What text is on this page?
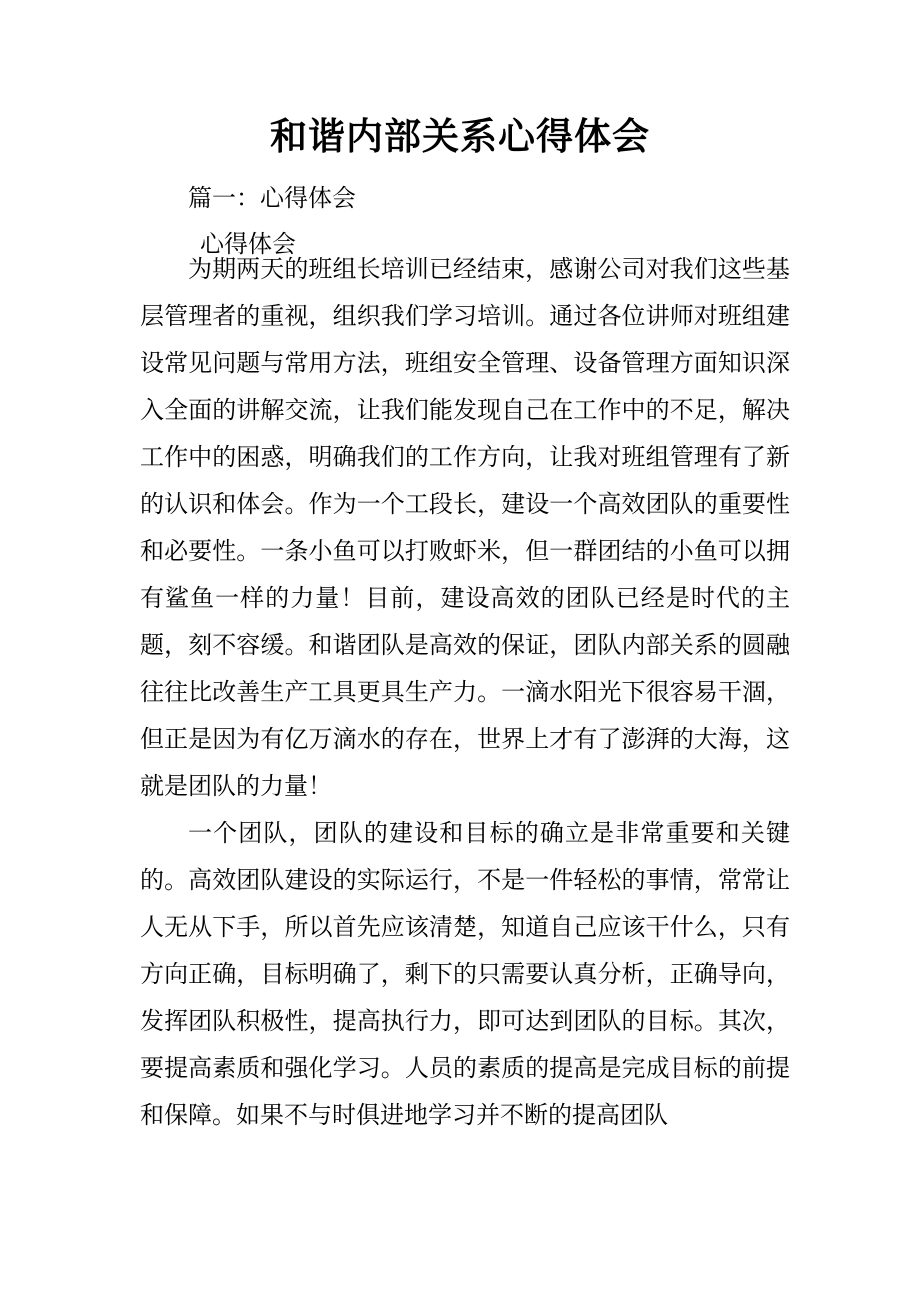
和谐内部关系心得体会

篇一：心得体会

心得体会

为期两天的班组长培训已经结束，感谢公司对我们这些基层管理者的重视，组织我们学习培训。通过各位讲师对班组建设常见问题与常用方法，班组安全管理、设备管理方面知识深入全面的讲解交流，让我们能发现自己在工作中的不足，解决工作中的困惑，明确我们的工作方向，让我对班组管理有了新的认识和体会。作为一个工段长，建设一个高效团队的重要性和必要性。一条小鱼可以打败虾米，但一群团结的小鱼可以拥有鲨鱼一样的力量！目前，建设高效的团队已经是时代的主题，刻不容缓。和谐团队是高效的保证，团队内部关系的圆融往往比改善生产工具更具生产力。一滴水阳光下很容易干涸，但正是因为有亿万滴水的存在，世界上才有了澎湃的大海，这就是团队的力量！

一个团队，团队的建设和目标的确立是非常重要和关键的。高效团队建设的实际运行，不是一件轻松的事情，常常让人无从下手，所以首先应该清楚，知道自己应该干什么，只有方向正确，目标明确了，剩下的只需要认真分析，正确导向，发挥团队积极性，提高执行力，即可达到团队的目标。其次，要提高素质和强化学习。人员的素质的提高是完成目标的前提和保障。如果不与时俱进地学习并不断的提高团队
